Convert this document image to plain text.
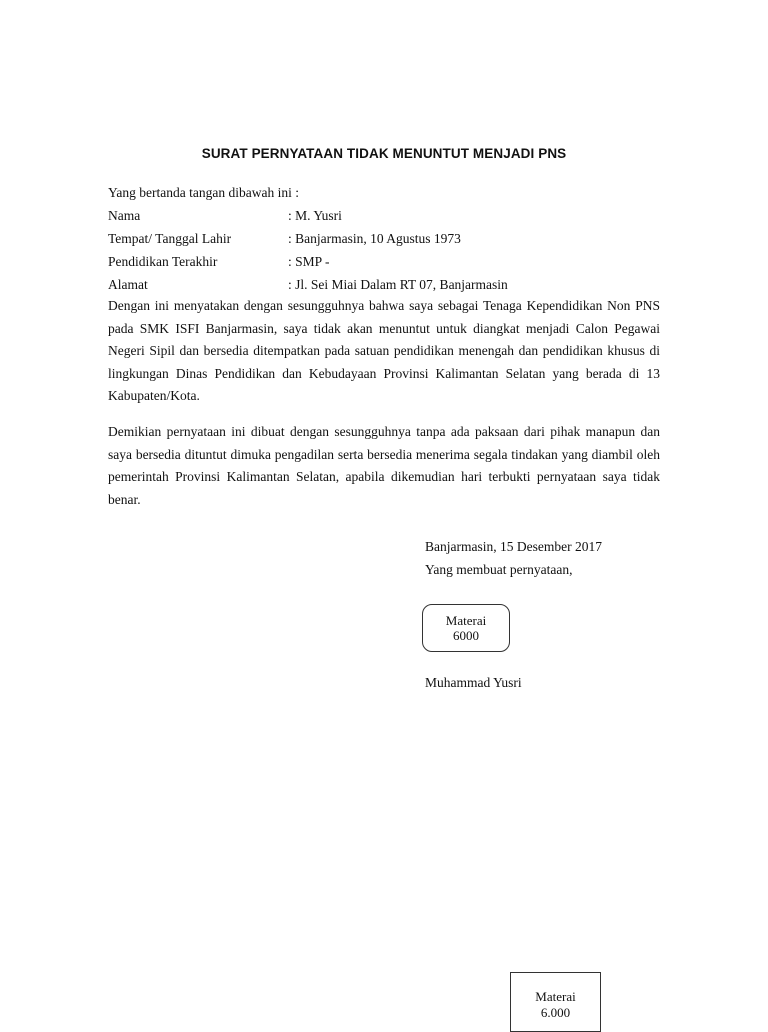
SURAT PERNYATAAN TIDAK MENUNTUT MENJADI PNS
Yang bertanda tangan dibawah ini :
Nama	: M. Yusri
Tempat/ Tanggal Lahir	: Banjarmasin, 10 Agustus 1973
Pendidikan Terakhir	: SMP -
Alamat	: Jl. Sei Miai Dalam RT 07, Banjarmasin

Dengan ini menyatakan dengan sesungguhnya bahwa saya sebagai Tenaga Kependidikan Non PNS pada SMK ISFI Banjarmasin, saya tidak akan menuntut untuk diangkat menjadi Calon Pegawai Negeri Sipil dan bersedia ditempatkan pada satuan pendidikan menengah dan pendidikan khusus di lingkungan Dinas Pendidikan dan Kebudayaan Provinsi Kalimantan Selatan yang berada di 13 Kabupaten/Kota.

Demikian pernyataan ini dibuat dengan sesungguhnya tanpa ada paksaan dari pihak manapun dan saya bersedia dituntut dimuka pengadilan serta bersedia menerima segala tindakan yang diambil oleh pemerintah Provinsi Kalimantan Selatan, apabila dikemudian hari terbukti pernyataan saya tidak benar.

Banjarmasin, 15 Desember 2017
Yang membuat pernyataan,
Materai
6000
Muhammad Yusri
Materai
6.000
